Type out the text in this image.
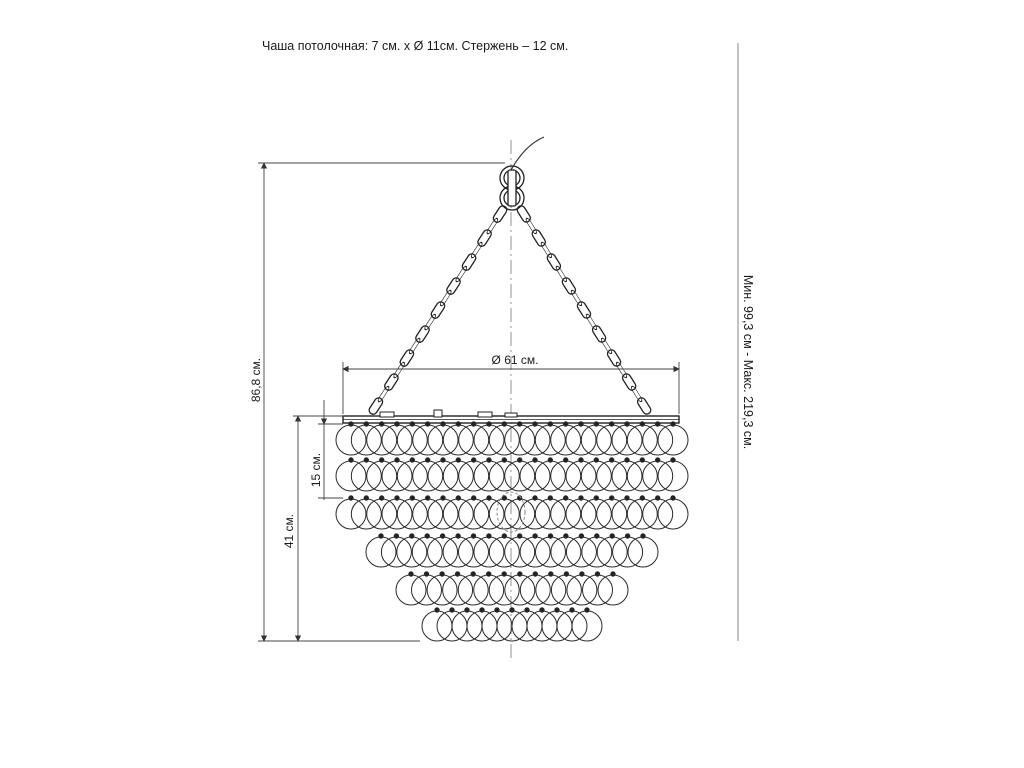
Чаша потолочная: 7 см. х Ø 11см. Стержень – 12 см.
Ø 61 см.
86,8 см.
41 см.
15 см.
Мин. 99,3 см - Макс. 219,3 см.
